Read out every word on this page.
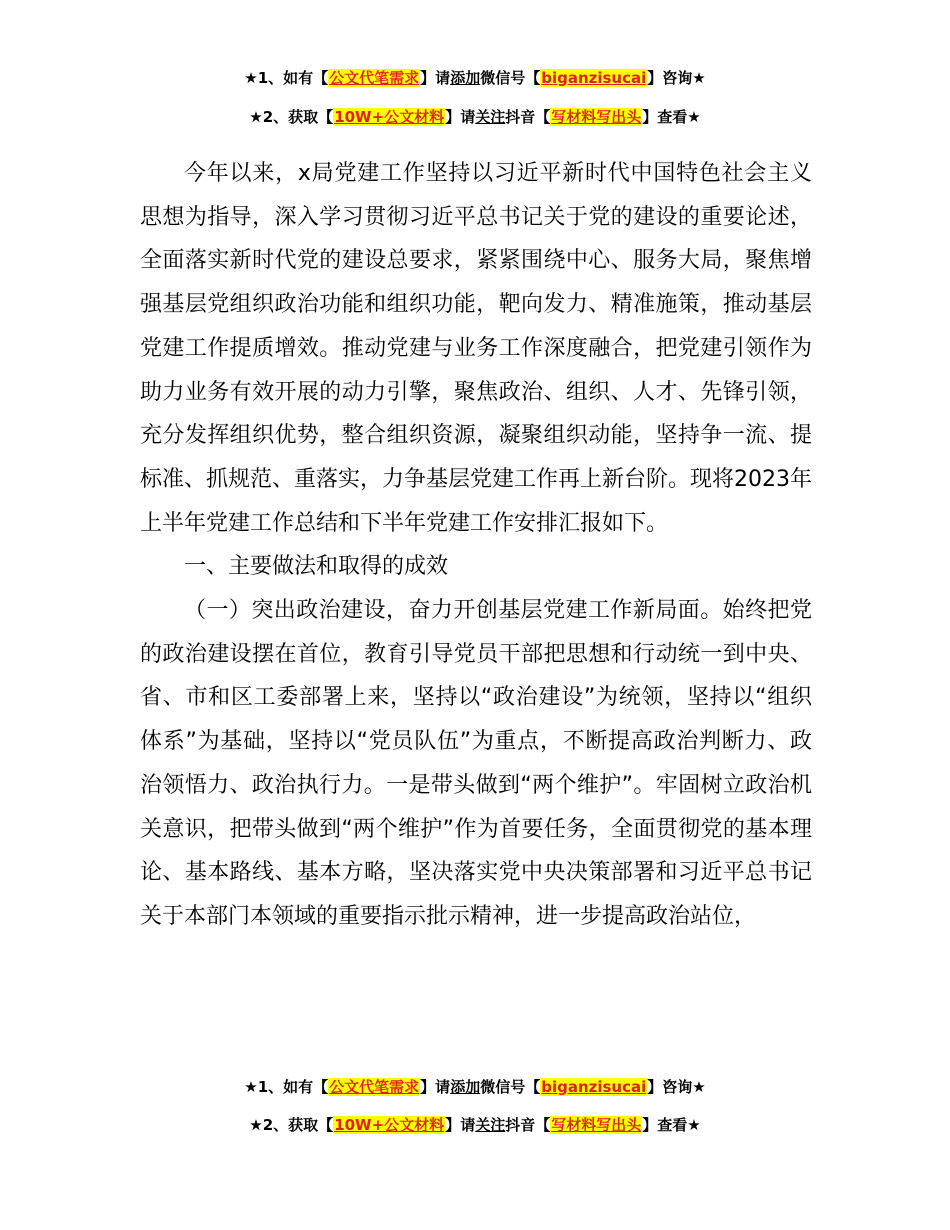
★1、如有【公文代笔需求】请添加微信号【biganzisucai】咨询★
★2、获取【10W+公文材料】请关注抖音【写材料写出头】查看★

今年以来，x局党建工作坚持以习近平新时代中国特色社会主义思想为指导，深入学习贯彻习近平总书记关于党的建设的重要论述，全面落实新时代党的建设总要求，紧紧围绕中心、服务大局，聚焦增强基层党组织政治功能和组织功能，靶向发力、精准施策，推动基层党建工作提质增效。推动党建与业务工作深度融合，把党建引领作为助力业务有效开展的动力引擎，聚焦政治、组织、人才、先锋引领，充分发挥组织优势，整合组织资源，凝聚组织动能，坚持争一流、提标准、抓规范、重落实，力争基层党建工作再上新台阶。现将2023年上半年党建工作总结和下半年党建工作安排汇报如下。

一、主要做法和取得的成效

（一）突出政治建设，奋力开创基层党建工作新局面。始终把党的政治建设摆在首位，教育引导党员干部把思想和行动统一到中央、省、市和区工委部署上来，坚持以“政治建设”为统领，坚持以“组织体系”为基础，坚持以“党员队伍”为重点，不断提高政治判断力、政治领悟力、政治执行力。一是带头做到“两个维护”。牢固树立政治机关意识，把带头做到“两个维护”作为首要任务，全面贯彻党的基本理论、基本路线、基本方略，坚决落实党中央决策部署和习近平总书记关于本部门本领域的重要指示批示精神，进一步提高政治站位，

★1、如有【公文代笔需求】请添加微信号【biganzisucai】咨询★
★2、获取【10W+公文材料】请关注抖音【写材料写出头】查看★
